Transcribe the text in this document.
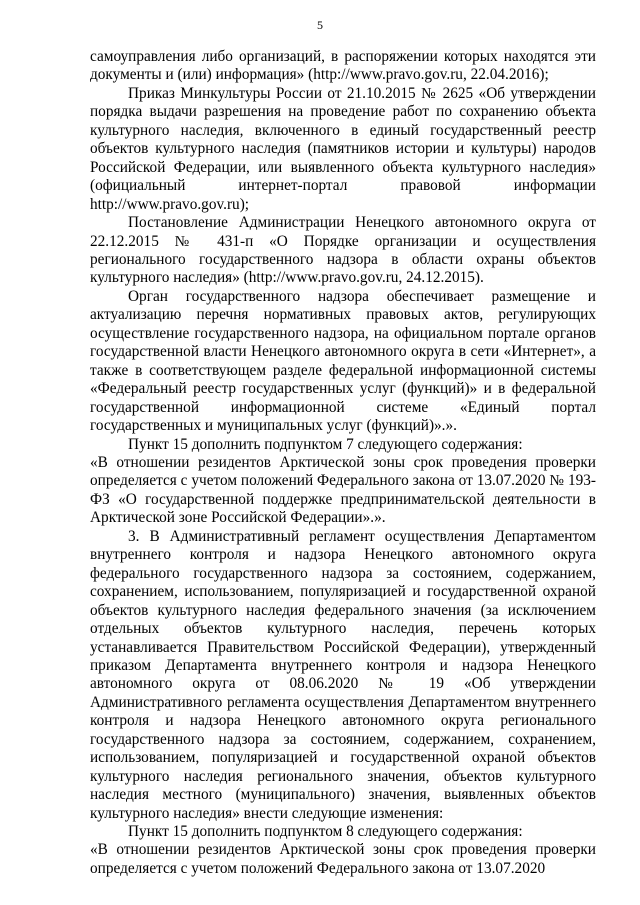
5

самоуправления либо организаций, в распоряжении которых находятся эти документы и (или) информация» (http://www.pravo.gov.ru, 22.04.2016);

Приказ Минкультуры России от 21.10.2015 № 2625 «Об утверждении порядка выдачи разрешения на проведение работ по сохранению объекта культурного наследия, включенного в единый государственный реестр объектов культурного наследия (памятников истории и культуры) народов Российской Федерации, или выявленного объекта культурного наследия» (официальный интернет-портал правовой информации http://www.pravo.gov.ru);

Постановление Администрации Ненецкого автономного округа от 22.12.2015 № 431-п «О Порядке организации и осуществления регионального государственного надзора в области охраны объектов культурного наследия» (http://www.pravo.gov.ru, 24.12.2015).

Орган государственного надзора обеспечивает размещение и актуализацию перечня нормативных правовых актов, регулирующих осуществление государственного надзора, на официальном портале органов государственной власти Ненецкого автономного округа в сети «Интернет», а также в соответствующем разделе федеральной информационной системы «Федеральный реестр государственных услуг (функций)» и в федеральной государственной информационной системе «Единый портал государственных и муниципальных услуг (функций)».».

Пункт 15 дополнить подпунктом 7 следующего содержания:

«В отношении резидентов Арктической зоны срок проведения проверки определяется с учетом положений Федерального закона от 13.07.2020 № 193-ФЗ «О государственной поддержке предпринимательской деятельности в Арктической зоне Российской Федерации».».

3. В Административный регламент осуществления Департаментом внутреннего контроля и надзора Ненецкого автономного округа федерального государственного надзора за состоянием, содержанием, сохранением, использованием, популяризацией и государственной охраной объектов культурного наследия федерального значения (за исключением отдельных объектов культурного наследия, перечень которых устанавливается Правительством Российской Федерации), утвержденный приказом Департамента внутреннего контроля и надзора Ненецкого автономного округа от 08.06.2020 № 19 «Об утверждении Административного регламента осуществления Департаментом внутреннего контроля и надзора Ненецкого автономного округа регионального государственного надзора за состоянием, содержанием, сохранением, использованием, популяризацией и государственной охраной объектов культурного наследия регионального значения, объектов культурного наследия местного (муниципального) значения, выявленных объектов культурного наследия» внести следующие изменения:

Пункт 15 дополнить подпунктом 8 следующего содержания:

«В отношении резидентов Арктической зоны срок проведения проверки определяется с учетом положений Федерального закона от 13.07.2020
